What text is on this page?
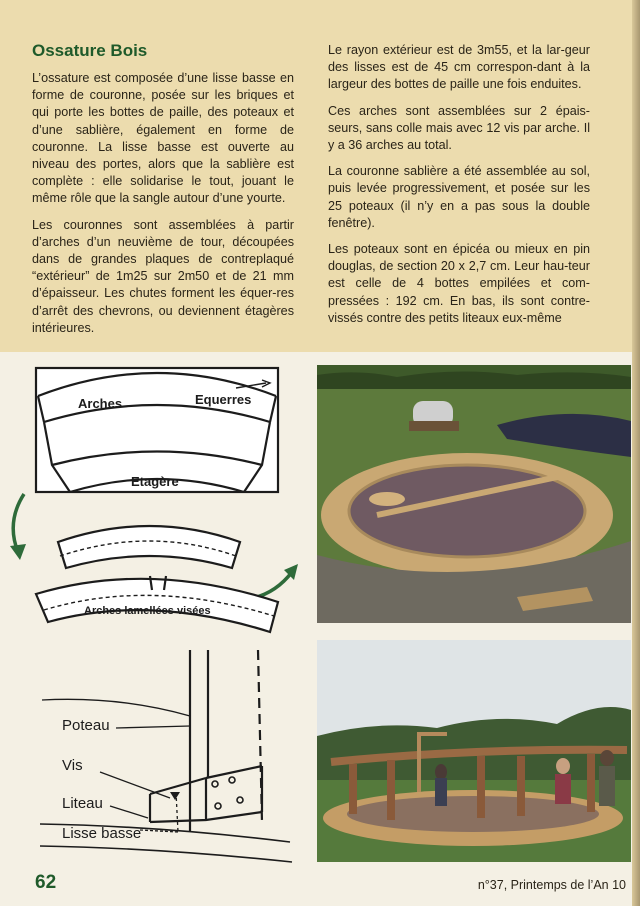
Ossature Bois

L’ossature est composée d’une lisse basse en forme de couronne, posée sur les briques et qui porte les bottes de paille, des poteaux et d’une sablière, également en forme de couronne. La lisse basse est ouverte au niveau des portes, alors que la sablière est complète : elle solidarise le tout, jouant le même rôle que la sangle autour d’une yourte.

Les couronnes sont assemblées à partir d’arches d’un neuvième de tour, découpées dans de grandes plaques de contreplaqué “extérieur” de 1m25 sur 2m50 et de 21 mm d’épaisseur. Les chutes forment les équer-res d’arrêt des chevrons, ou deviennent étagères intérieures.

Le rayon extérieur est de 3m55, et la lar-geur des lisses est de 45 cm correspon-dant à la largeur des bottes de paille une fois enduites.

Ces arches sont assemblées sur 2 épais-seurs, sans colle mais avec 12 vis par arche. Il y a 36 arches au total.

La couronne sablière a été assemblée au sol, puis levée progressivement, et posée sur les 25 poteaux (il n’y en a pas sous la double fenêtre).

Les poteaux sont en épicéa ou mieux en pin douglas, de section 20 x 2,7 cm. Leur hau-teur est celle de 4 bottes empilées et com-pressées : 192 cm. En bas, ils sont contre-vissés contre des petits liteaux eux-même

Arches	Equerres
Etagère
Arches lamellées visées
Poteau
Vis
Liteau
Lisse basse
62	n°37, Printemps de l’An 10
